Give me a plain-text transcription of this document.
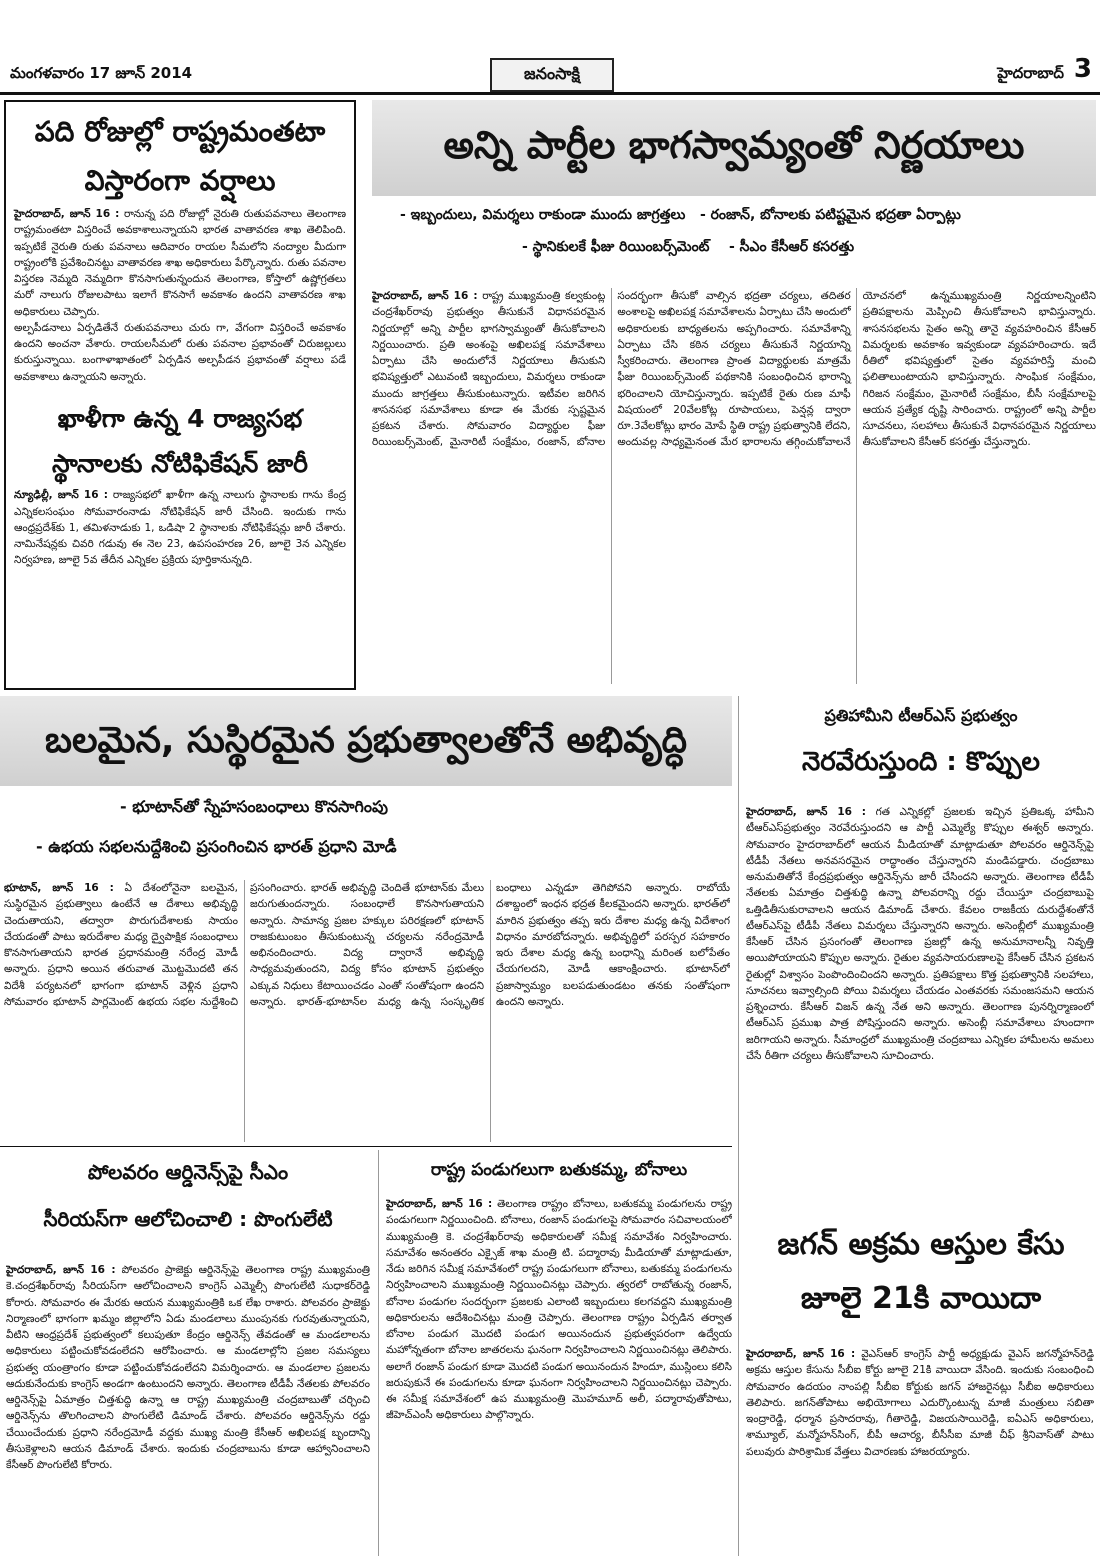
మంగళవారం 17 జూన్ 2014	జనంసాక్షి	హైదరాబాద్ 3
పది రోజుల్లో రాష్ట్రమంతటా
విస్తారంగా వర్షాలు
హైదరాబాద్‌, జూన్‌ 16 : రానున్న పది రోజుల్లో నైరుతి రుతుపవనాలు తెలంగాణ రాష్ట్రమంతటా విస్తరించే అవకాశాలున్నాయని భారత వాతావరణ శాఖ తెలిపింది. ఇప్పటికే నైరుతి రుతు పవనాలు ఆదివారం రాయల సీమలోని నంద్యాల మీదుగా రాష్ట్రంలోకి ప్రవేశించినట్టు వాతావరణ శాఖ అధికారులు పేర్కొన్నారు. రుతు పవనాల విస్తరణ నెమ్మది నెమ్మదిగా కొనసాగుతున్నందున తెలంగాణ, కోస్తాలో ఉష్ణోగ్రతలు మరో నాలుగు రోజులపాటు ఇలాగే కొనసాగే అవకాశం ఉందని వాతావరణ శాఖ అధికారులు చెప్పారు.
అల్పపీడనాలు ఏర్పడితేనే రుతుపవనాలు చురు గా, వేగంగా విస్తరించే అవకాశం ఉందని అంచనా వేశారు. రాయలసీమలో రుతు పవనాల ప్రభావంతో చిరుజల్లులు కురుస్తున్నాయి. బంగాళాఖాతంలో ఏర్పడిన అల్పపీడన ప్రభావంతో వర్షాలు పడే అవకాశాలు ఉన్నాయని అన్నారు.
ఖాళీగా ఉన్న 4 రాజ్యసభ
స్థానాలకు నోటిఫికేషన్‌ జారీ
న్యూఢిల్లీ, జూన్‌ 16 : రాజ్యసభలో ఖాళీగా ఉన్న నాలుగు స్థానాలకు గాను కేంద్ర ఎన్నికలసంఘం సోమవారంనాడు నోటిఫికేషన్‌ జారీ చేసింది. ఇందుకు గాను ఆంధ్రప్రదేశ్‌కు 1, తమిళనాడుకు 1, ఒడిషా 2 స్థానాలకు నోటిఫికేషన్లు జారీ చేశారు. నామినేషన్లకు చివరి గడువు ఈ నెల 23, ఉపసంహరణ 26, జూలై 3న ఎన్నికల నిర్వహణ, జూలై 5వ తేదీన ఎన్నికల ప్రక్రియ పూర్తికానున్నది.
అన్ని పార్టీల భాగస్వామ్యంతో నిర్ణయాలు
- ఇబ్బందులు, విమర్శలు రాకుండా ముందు జాగ్రత్తలు - రంజాన్‌, బోనాలకు పటిష్టమైన భద్రతా ఏర్పాట్లు
- స్థానికులకే ఫీజు రియింబర్స్‌మెంట్‌ - సీఎం కేసీఆర్‌ కసరత్తు
హైదరాబాద్‌, జూన్‌ 16 : రాష్ట్ర ముఖ్యమంత్రి కల్వకుంట్ల చంద్రశేఖర్‌రావు ప్రభుత్వం తీసుకునే విధానపరమైన నిర్ణయాల్లో అన్ని పార్టీల భాగస్వామ్యంతో తీసుకోవాలని నిర్ణయించారు. ప్రతి అంశంపై అఖిలపక్ష సమావేశాలు ఏర్పాటు చేసి అందులోనే నిర్ణయాలు తీసుకుని భవిష్యత్తులో ఎటువంటి ఇబ్బందులు, విమర్శలు రాకుండా ముందు జాగ్రత్తలు తీసుకుంటున్నారు. ఇటీవల జరిగిన శాసనసభ సమావేశాలు కూడా ఈ మేరకు స్పష్టమైన ప్రకటన చేశారు. సోమవారం విద్యార్థుల ఫీజు రియింబర్స్‌మెంట్‌, మైనారిటీ సంక్షేమం, రంజాన్‌, బోనాల సందర్భంగా తీసుకో వాల్సిన భద్రతా చర్యలు, తదితర అంశాలపై అఖిలపక్ష సమావేశాలను ఏర్పాటు చేసి అందులో అధికారులకు బాధ్యతలను అప్పగించారు. సమావేశాన్ని ఏర్పాటు చేసి కఠిన చర్యలు తీసుకునే నిర్ణయాన్ని స్వీకరించారు. తెలంగాణ ప్రాంత విద్యార్థులకు మాత్రమే ఫీజు రియింబర్స్‌మెంట్‌ పథకానికి సంబంధించిన భారాన్ని భరించాలని యోచిస్తున్నారు. ఇప్పటికే రైతు రుణ మాఫీ విషయంలో 20వేలకోట్ల రూపాయలు, పెన్షన్ల ద్వారా రూ.3వేలకోట్లు భారం మోపే స్థితి రాష్ట్ర ప్రభుత్వానికి లేదని, అందువల్ల సాధ్యమైనంత మేర భారాలను తగ్గించుకోవాలనే యోచనలో ఉన్నముఖ్యమంత్రి నిర్ణయాలన్నింటిని ప్రతిపక్షాలను మెప్పించి తీసుకోవాలని భావిస్తున్నారు. శాసనసభలను సైతం అన్ని తానై వ్యవహరించిన కేసీఆర్‌ విమర్శలకు అవకాశం ఇవ్వకుండా వ్యవహరించారు. ఇదే రీతిలో భవిష్యత్తులో సైతం వ్యవహరిస్తే మంచి ఫలితాలుంటాయని భావిస్తున్నారు. సాంఘిక సంక్షేమం, గిరిజన సంక్షేమం, మైనారిటీ సంక్షేమం, బీసీ సంక్షేమాలపై ఆయన ప్రత్యేక దృష్టి సారించారు. రాష్ట్రంలో అన్ని పార్టీల సూచనలు, సలహాలు తీసుకునే విధానపరమైన నిర్ణయాలు తీసుకోవాలని కేసీఆర్‌ కసరత్తు చేస్తున్నారు.
బలమైన, సుస్థిరమైన ప్రభుత్వాలతోనే అభివృద్ధి
- భూటాన్‌తో స్నేహసంబంధాలు కొనసాగింపు
- ఉభయ సభలనుద్దేశించి ప్రసంగించిన భారత్‌ ప్రధాని మోడీ
భూటాన్‌, జూన్‌ 16 : ఏ దేశంలోనైనా బలమైన, సుస్థిరమైన ప్రభుత్వాలు ఉంటేనే ఆ దేశాలు అభివృద్ధి చెందుతాయని, తద్వారా పొరుగుదేశాలకు సాయం చేయడంతో పాటు ఇరుదేశాల మధ్య ద్వైపాక్షిక సంబంధాలు కొనసాగుతాయని భారత ప్రధానమంత్రి నరేంద్ర మోడీ అన్నారు. ప్రధాని అయిన తరువాత మొట్టమొదటి తన విదేశీ పర్యటనలో భాగంగా భూటాన్‌ వెళ్లిన ప్రధాని సోమవారం భూటాన్‌ పార్లమెంట్‌ ఉభయ సభల నుద్దేశించి ప్రసంగించారు. భారత్‌ అభివృద్ధి చెందితే భూటాన్‌కు మేలు జరుగుతుందన్నారు. సంబంధాలే కొనసాగుతాయని అన్నారు. సామాన్య ప్రజల హక్కుల పరిరక్షణలో భూటాన్‌ రాజకుటుంబం తీసుకుంటున్న చర్యలను నరేంద్రమోడీ అభినందించారు. విద్య ద్వారానే అభివృద్ధి సాధ్యమవుతుందని, విద్య కోసం భూటాన్‌ ప్రభుత్వం ఎక్కువ నిధులు కేటాయించడం ఎంతో సంతోషంగా ఉందని అన్నారు. భారత్‌-భూటాన్‌ల మధ్య ఉన్న సంస్కృతిక బంధాలు ఎన్నడూ తెగిపోవని అన్నారు. రాబోయే దశాబ్దంలో ఇంధన భద్రత కీలకమైందని అన్నారు. భారత్‌లో మారిన ప్రభుత్వం తప్ప ఇరు దేశాల మధ్య ఉన్న విదేశాంగ విధానం మారబోదన్నారు. అభివృద్ధిలో పరస్పర సహకారం ఇరు దేశాల మధ్య ఉన్న బంధాన్ని మరింత బలోపేతం చేయగలదని, మోడీ ఆకాంక్షించారు. భూటాన్‌లో ప్రజాస్వామ్యం బలపడుతుండటం తనకు సంతోషంగా ఉందని అన్నారు.
ప్రతిహామీని టీఆర్‌ఎస్‌ ప్రభుత్వం
నెరవేరుస్తుంది : కొప్పుల
హైదరాబాద్‌, జూన్‌ 16 : గత ఎన్నికల్లో ప్రజలకు ఇచ్చిన ప్రతిఒక్క హామీని టీఆర్‌ఎస్‌ప్రభుత్వం నెరవేరుస్తుందని ఆ పార్టీ ఎమ్మెల్యే కొప్పుల ఈశ్వర్‌ అన్నారు. సోమవారం హైదరాబాద్‌లో ఆయన మీడియాతో మాట్లాడుతూ పోలవరం ఆర్డినెన్స్‌పై టీడీపీ నేతలు అనవసరమైన రాద్ధాంతం చేస్తున్నారని మండిపడ్డారు. చంద్రబాబు అనుమతితోనే కేంద్రప్రభుత్వం ఆర్డినెన్స్‌ను జారీ చేసిందని అన్నారు. తెలంగాణ టీడీపీ నేతలకు ఏమాత్రం చిత్తశుద్ధి ఉన్నా పోలవరాన్ని రద్దు చేయిస్తూ చంద్రబాబుపై ఒత్తిడితీసుకురావాలని ఆయన డిమాండ్‌ చేశారు. కేవలం రాజకీయ దురుద్దేశంతోనే టీఆర్‌ఎస్‌పై టీడీపీ నేతలు విమర్శలు చేస్తున్నారని అన్నారు. అసెంబ్లీలో ముఖ్యమంత్రి కేసీఆర్‌ చేసిన ప్రసంగంతో తెలంగాణ ప్రజల్లో ఉన్న అనుమానాలన్నీ నివృత్తి అయిపోయాయని కొప్పుల అన్నారు. రైతుల వ్యవసాయరుణాలపై కేసీఆర్‌ చేసిన ప్రకటన రైతుల్లో విశ్వాసం పెంపొందించిందని అన్నారు. ప్రతిపక్షాలు కొత్త ప్రభుత్వానికి సలహాలు, సూచనలు ఇవ్వాల్సింది పోయి విమర్శలు చేయడం ఎంతవరకు సమంజసమని ఆయన ప్రశ్నించారు. కేసీఆర్‌ విజన్‌ ఉన్న నేత అని అన్నారు. తెలంగాణ పునర్నిర్మాణంలో టీఆర్‌ఎస్‌ ప్రముఖ పాత్ర పోషిస్తుందని అన్నారు. అసెంబ్లీ సమావేశాలు హుందాగా జరిగాయని అన్నారు. సీమాంధ్రలో ముఖ్యమంత్రి చంద్రబాబు ఎన్నికల హామీలను అమలు చేసే రీతిగా చర్యలు తీసుకోవాలని సూచించారు.
జగన్‌ అక్రమ ఆస్తుల కేసు
జూలై 21కి వాయిదా
హైదరాబాద్‌, జూన్‌ 16 : వైఎస్‌ఆర్‌ కాంగ్రెస్‌ పార్టీ అధ్యక్షుడు వైఎస్‌ జగన్మోహన్‌రెడ్డి అక్రమ ఆస్తుల కేసును సీబీఐ కోర్టు జూలై 21కి వాయిదా వేసింది. ఇందుకు సంబంధించి సోమవారం ఉదయం నాంపల్లి సీబీఐ కోర్టుకు జగన్‌ హాజరైనట్లు సీబీఐ అధికారులు తెలిపారు. జగన్‌తోపాటు అభియోగాలు ఎదుర్కొంటున్న మాజీ మంత్రులు సబితా ఇంద్రారెడ్డి, ధర్మాన ప్రసాదరావు, గీతారెడ్డి, విజయసాయిరెడ్డి, ఐఏఎస్‌ అధికారులు, శామ్యూల్‌, మన్మోహన్‌సింగ్‌, బీపీ ఆచార్య, బీసీసీఐ మాజీ చీఫ్‌ శ్రీనివాస్‌తో పాటు పలువురు పారిశ్రామిక వేత్తలు విచారణకు హాజరయ్యారు.
పోలవరం ఆర్డినెన్స్‌పై సీఎం
సీరియస్‌గా ఆలోచించాలి : పొంగులేటి
హైదరాబాద్‌, జూన్‌ 16 : పోలవరం ప్రాజెక్టు ఆర్డినెన్స్‌పై తెలంగాణ రాష్ట్ర ముఖ్యమంత్రి కె.చంద్రశేఖర్‌రావు సీరియస్‌గా ఆలోచించాలని కాంగ్రెస్‌ ఎమ్మెల్సీ పొంగులేటి సుధాకర్‌రెడ్డి కోరారు. సోమవారం ఈ మేరకు ఆయన ముఖ్యమంత్రికి ఒక లేఖ రాశారు. పోలవరం ప్రాజెక్టు నిర్మాణంలో భాగంగా ఖమ్మం జిల్లాలోని ఏడు మండలాలు ముంపునకు గురవుతున్నాయని, వీటిని ఆంధ్రప్రదేశ్‌ ప్రభుత్వంలో కలుపుతూ కేంద్రం ఆర్డినెన్స్‌ తేవడంతో ఆ మండలాలను అధికారులు పట్టించుకోవడంలేదని ఆరోపించారు. ఆ మండలాల్లోని ప్రజల సమస్యలు ప్రభుత్వ యంత్రాంగం కూడా పట్టించుకోవడంలేదని విమర్శించారు. ఆ మండలాల ప్రజలను ఆదుకునేందుకు కాంగ్రెస్‌ అండగా ఉంటుందని అన్నారు. తెలంగాణ టీడీపీ నేతలకు పోలవరం ఆర్డినెన్స్‌పై ఏమాత్రం చిత్తశుద్ధి ఉన్నా ఆ రాష్ట్ర ముఖ్యమంత్రి చంద్రబాబుతో చర్చించి ఆర్డినెన్స్‌ను తొలగించాలని పొంగులేటి డిమాండ్‌ చేశారు. పోలవరం ఆర్డినెన్స్‌ను రద్దు చేయించేందుకు ప్రధాని నరేంద్రమోడీ వద్దకు ముఖ్య మంత్రి కేసీఆర్‌ అఖిలపక్ష బృందాన్ని తీసుకెళ్లాలని ఆయన డిమాండ్‌ చేశారు. ఇందుకు చంద్రబాబును కూడా ఆహ్వానించాలని కేసీఆర్‌ పొంగులేటి కోరారు.
రాష్ట్ర పండుగలుగా బతుకమ్మ, బోనాలు
హైదరాబాద్‌, జూన్‌ 16 : తెలంగాణ రాష్ట్రం బోనాలు, బతుకమ్మ పండుగలను రాష్ట్ర పండుగలుగా నిర్ణయించింది. బోనాలు, రంజాన్‌ పండుగలపై సోమవారం సచివాలయంలో ముఖ్యమంత్రి కె. చంద్రశేఖర్‌రావు అధికారులతో సమీక్ష సమావేశం నిర్వహించారు. సమావేశం అనంతరం ఎక్సైజ్‌ శాఖ మంత్రి టి. పద్మారావు మీడియాతో మాట్లాడుతూ, నేడు జరిగిన సమీక్ష సమావేశంలో రాష్ట్ర పండుగలుగా బోనాలు, బతుకమ్మ పండుగలను నిర్వహించాలని ముఖ్యమంత్రి నిర్ణయించినట్లు చెప్పారు. త్వరలో రాబోతున్న రంజాన్‌, బోనాల పండుగల సందర్భంగా ప్రజలకు ఎలాంటి ఇబ్బందులు కలగవద్దని ముఖ్యమంత్రి అధికారులను ఆదేశించినట్లు మంత్రి చెప్పారు. తెలంగాణ రాష్ట్రం ఏర్పడిన తర్వాత బోనాల పండుగ మొదటి పండుగ అయినందున ప్రభుత్వపరంగా ఉద్వేయ మహోన్నతంగా బోనాల జాతరలను ఘనంగా నిర్వహించాలని నిర్ణయించినట్లు తెలిపారు. అలాగే రంజాన్‌ పండుగ కూడా మొదటి పండుగ అయినందున హిందూ, ముస్లింలు కలిసి జరుపుకునే ఈ పండుగలను కూడా ఘనంగా నిర్వహించాలని నిర్ణయించినట్లు చెప్పారు. ఈ సమీక్ష సమావేశంలో ఉప ముఖ్యమంత్రి మొహమూద్‌ అలీ, పద్మారావుతోపాటు, జీహెచ్‌ఎంసీ అధికారులు పాల్గొన్నారు.
